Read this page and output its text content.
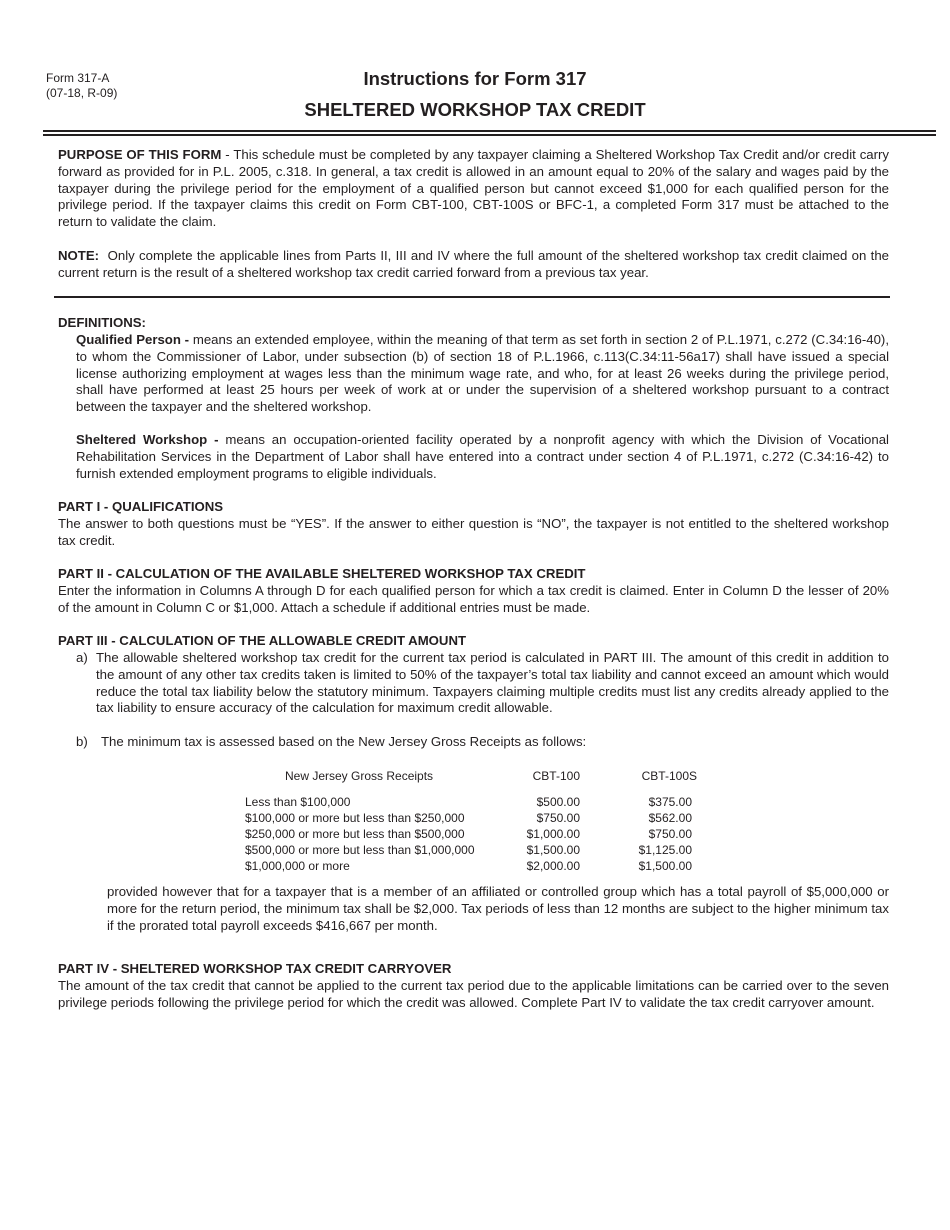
Form 317-A
(07-18, R-09)
Instructions for Form 317
SHELTERED WORKSHOP TAX CREDIT

PURPOSE OF THIS FORM - This schedule must be completed by any taxpayer claiming a Sheltered Workshop Tax Credit and/or credit carry forward as provided for in P.L. 2005, c.318. In general, a tax credit is allowed in an amount equal to 20% of the salary and wages paid by the taxpayer during the privilege period for the employment of a qualified person but cannot exceed $1,000 for each qualified person for the privilege period. If the taxpayer claims this credit on Form CBT-100, CBT-100S or BFC-1, a completed Form 317 must be attached to the return to validate the claim.

NOTE:  Only complete the applicable lines from Parts II, III and IV where the full amount of the sheltered workshop tax credit claimed on the current return is the result of a sheltered workshop tax credit carried forward from a previous tax year.

DEFINITIONS:

Qualified Person - means an extended employee, within the meaning of that term as set forth in section 2 of P.L.1971, c.272 (C.34:16-40), to whom the Commissioner of Labor, under subsection (b) of section 18 of P.L.1966, c.113(C.34:11-56a17) shall have issued a special license authorizing employment at wages less than the minimum wage rate, and who, for at least 26 weeks during the privilege period, shall have performed at least 25 hours per week of work at or under the supervision of a sheltered workshop pursuant to a contract between the taxpayer and the sheltered workshop.

Sheltered Workshop - means an occupation-oriented facility operated by a nonprofit agency with which the Division of Vocational Rehabilitation Services in the Department of Labor shall have entered into a contract under section 4 of P.L.1971, c.272 (C.34:16-42) to furnish extended employment programs to eligible individuals.

PART I - QUALIFICATIONS

The answer to both questions must be “YES”. If the answer to either question is “NO”, the taxpayer is not entitled to the sheltered workshop tax credit.

PART II - CALCULATION OF THE AVAILABLE SHELTERED WORKSHOP TAX CREDIT

Enter the information in Columns A through D for each qualified person for which a tax credit is claimed. Enter in Column D the lesser of 20% of the amount in Column C or $1,000. Attach a schedule if additional entries must be made.

PART III - CALCULATION OF THE ALLOWABLE CREDIT AMOUNT
a) The allowable sheltered workshop tax credit for the current tax period is calculated in PART III. The amount of this credit in addition to the amount of any other tax credits taken is limited to 50% of the taxpayer’s total tax liability and cannot exceed an amount which would reduce the total tax liability below the statutory minimum. Taxpayers claiming multiple credits must list any credits already applied to the tax liability to ensure accuracy of the calculation for maximum credit allowable.
b) The minimum tax is assessed based on the New Jersey Gross Receipts as follows:
New Jersey Gross Receipts	CBT-100	CBT-100S
Less than $100,000	$500.00	$375.00
$100,000 or more but less than $250,000	$750.00	$562.00
$250,000 or more but less than $500,000	$1,000.00	$750.00
$500,000 or more but less than $1,000,000	$1,500.00	$1,125.00
$1,000,000 or more	$2,000.00	$1,500.00

provided however that for a taxpayer that is a member of an affiliated or controlled group which has a total payroll of $5,000,000 or more for the return period, the minimum tax shall be $2,000. Tax periods of less than 12 months are subject to the higher minimum tax if the prorated total payroll exceeds $416,667 per month.

PART IV - SHELTERED WORKSHOP TAX CREDIT CARRYOVER

The amount of the tax credit that cannot be applied to the current tax period due to the applicable limitations can be carried over to the seven privilege periods following the privilege period for which the credit was allowed. Complete Part IV to validate the tax credit carryover amount.
